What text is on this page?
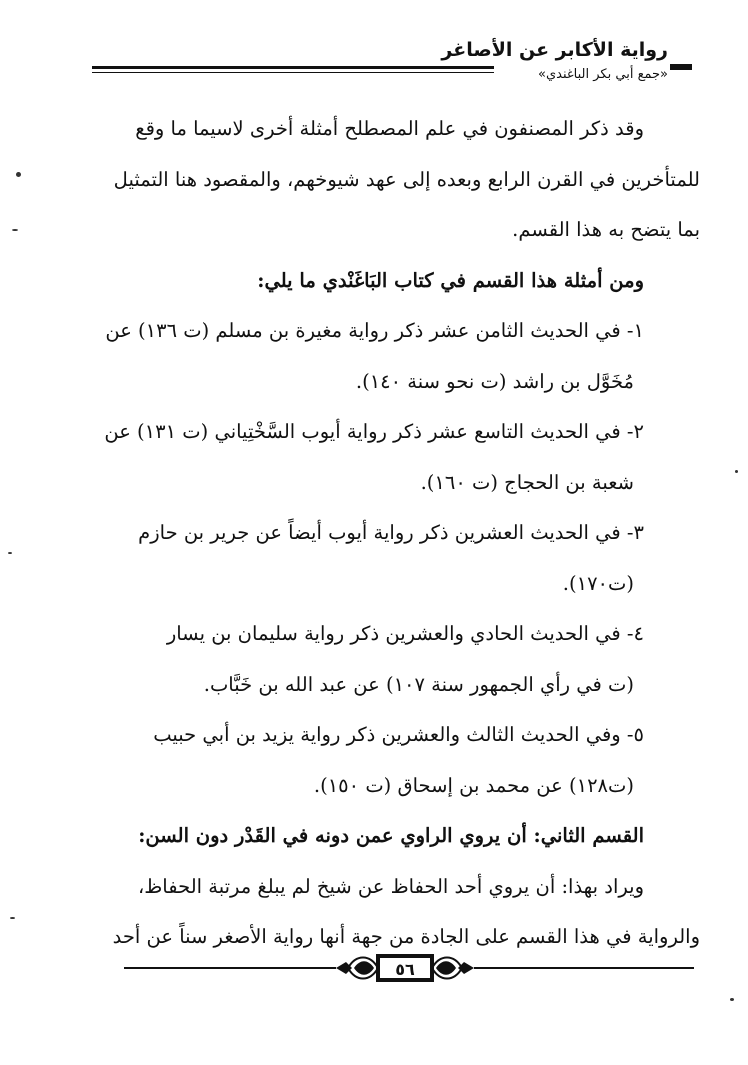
رواية الأكابر عن الأصاغر
«جمع أبي بكر الباغندي»
وقد ذكر المصنفون في علم المصطلح أمثلة أخرى لاسيما ما وقع
للمتأخرين في القرن الرابع وبعده إلى عهد شيوخهم، والمقصود هنا التمثيل
بما يتضح به هذا القسم.
ومن أمثلة هذا القسم في كتاب البَاغَنْدي ما يلي:
١- في الحديث الثامن عشر ذكر رواية مغيرة بن مسلم (ت ١٣٦) عن
مُخَوَّل بن راشد (ت نحو سنة ١٤٠).
٢- في الحديث التاسع عشر ذكر رواية أيوب السَّخْتِياني (ت ١٣١) عن
شعبة بن الحجاج (ت ١٦٠).
٣- في الحديث العشرين ذكر رواية أيوب أيضاً عن جرير بن حازم
(ت١٧٠).
٤- في الحديث الحادي والعشرين ذكر رواية سليمان بن يسار
(ت في رأي الجمهور سنة ١٠٧) عن عبد الله بن خَبَّاب.
٥- وفي الحديث الثالث والعشرين ذكر رواية يزيد بن أبي حبيب
(ت١٢٨) عن محمد بن إسحاق (ت ١٥٠).
القسم الثاني: أن يروي الراوي عمن دونه في القَدْر دون السن:
ويراد بهذا: أن يروي أحد الحفاظ عن شيخ لم يبلغ مرتبة الحفاظ،
والرواية في هذا القسم على الجادة من جهة أنها رواية الأصغر سناً عن أحد
٥٦
